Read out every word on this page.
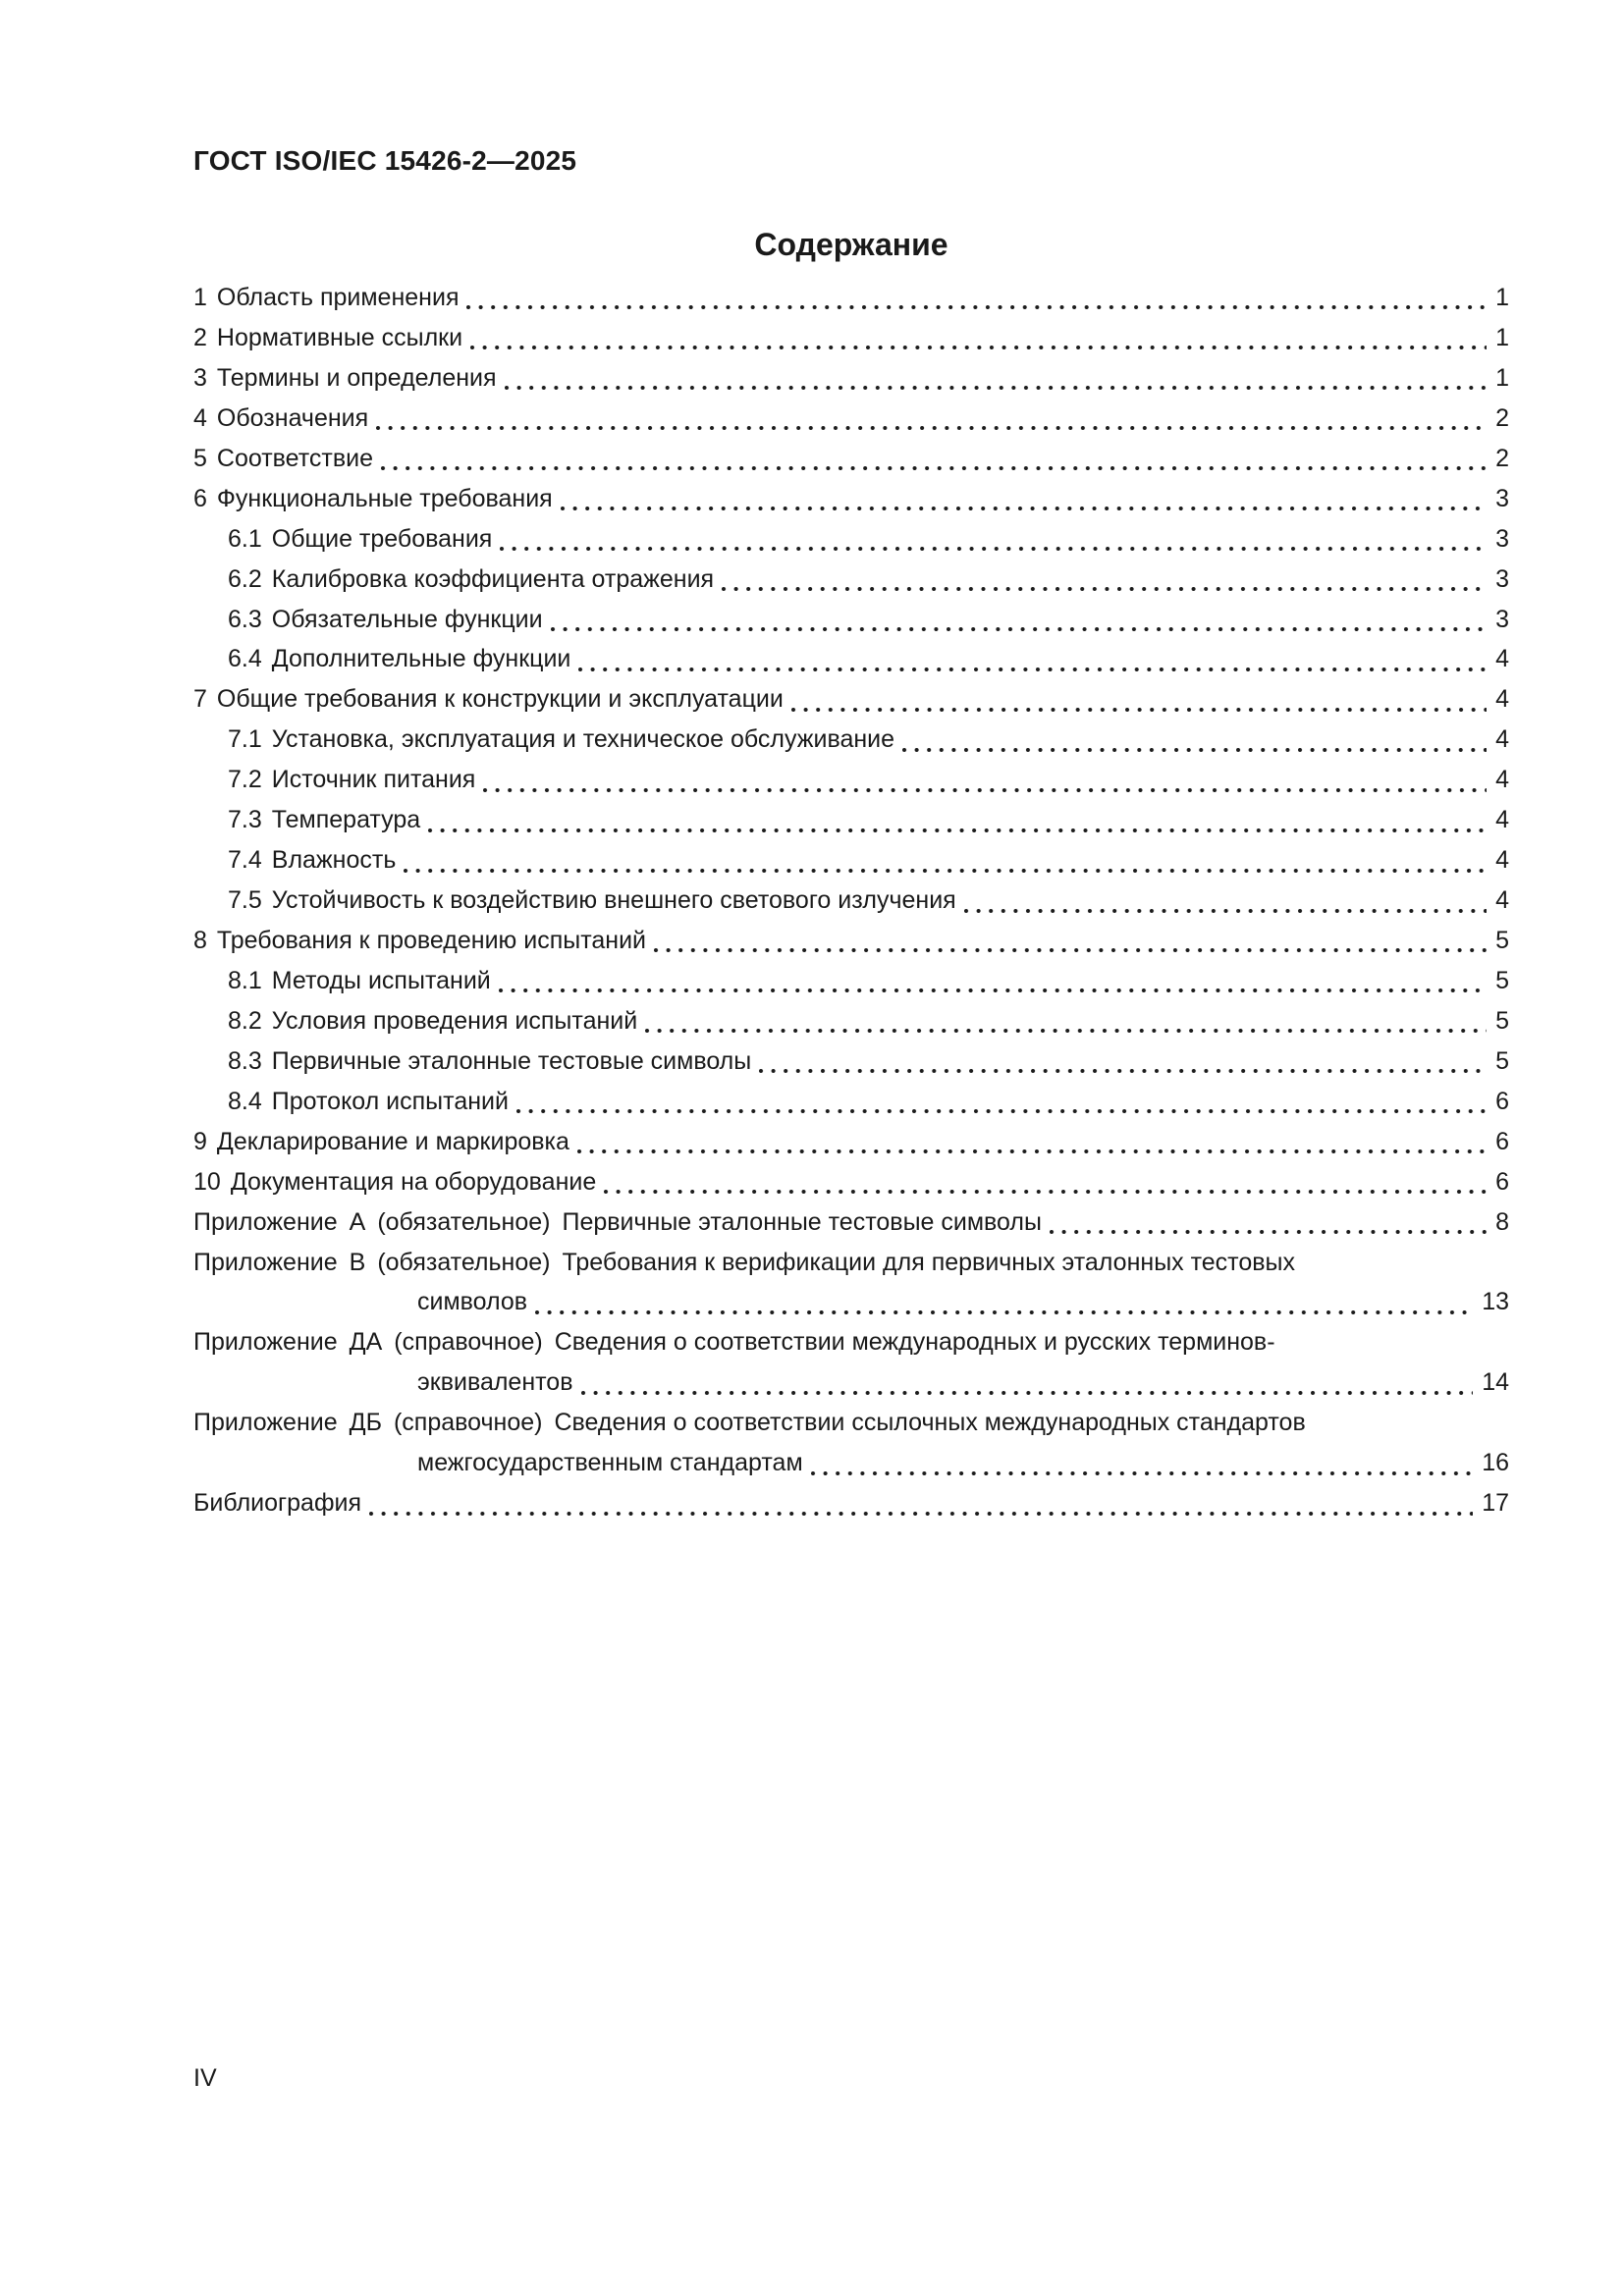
ГОСТ ISO/IEC 15426-2—2025
Содержание
1 Область применения	1
2 Нормативные ссылки	1
3 Термины и определения	1
4 Обозначения	2
5 Соответствие	2
6 Функциональные требования	3
6.1 Общие требования	3
6.2 Калибровка коэффициента отражения	3
6.3 Обязательные функции	3
6.4 Дополнительные функции	4
7 Общие требования к конструкции и эксплуатации	4
7.1 Установка, эксплуатация и техническое обслуживание	4
7.2 Источник питания	4
7.3 Температура	4
7.4 Влажность	4
7.5 Устойчивость к воздействию внешнего светового излучения	4
8 Требования к проведению испытаний	5
8.1 Методы испытаний	5
8.2 Условия проведения испытаний	5
8.3 Первичные эталонные тестовые символы	5
8.4 Протокол испытаний	6
9 Декларирование и маркировка	6
10 Документация на оборудование	6
Приложение А (обязательное) Первичные эталонные тестовые символы	8
Приложение В (обязательное) Требования к верификации для первичных эталонных тестовых
символов	13
Приложение ДА (справочное) Сведения о соответствии международных и русских терминов-
эквивалентов	14
Приложение ДБ (справочное) Сведения о соответствии ссылочных международных стандартов
межгосударственным стандартам	16
Библиография	17
IV
